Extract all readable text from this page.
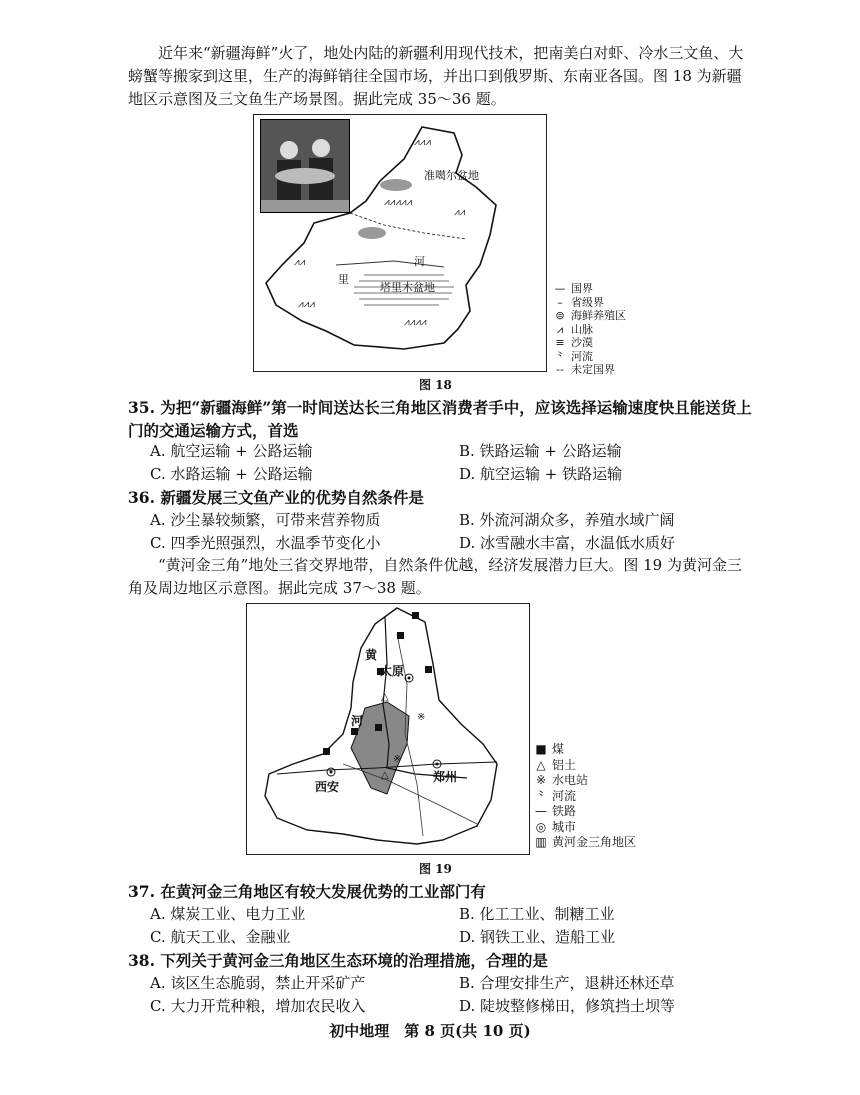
近年来“新疆海鲜”火了，地处内陆的新疆利用现代技术，把南美白对虾、冷水三文鱼、大螃蟹等搬家到这里，生产的海鲜销往全国市场，并出口到俄罗斯、东南亚各国。图 18 为新疆地区示意图及三文鱼生产场景图。据此完成 35～36 题。
⩘⩘⩘
⩘⩘⩘⩘⩘
⩘⩘
⩘⩘
⩘⩘⩘
⩘⩘⩘⩘
准噶尔盆地
塔里木盆地
河
里
— 国界
– 省级界
⊜ 海鲜养殖区
⩘ 山脉
≡ 沙漠
⺀ 河流
-- 未定国界
图 18
35. 为把“新疆海鲜”第一时间送达长三角地区消费者手中，应该选择运输速度快且能送货上门的交通运输方式，首选
A. 航空运输 + 公路运输	B. 铁路运输 + 公路运输
C. 水路运输 + 公路运输	D. 航空运输 + 铁路运输
36. 新疆发展三文鱼产业的优势自然条件是
A. 沙尘暴较频繁，可带来营养物质	B. 外流河湖众多，养殖水域广阔
C. 四季光照强烈，水温季节变化小	D. 冰雪融水丰富，水温低水质好
“黄河金三角”地处三省交界地带，自然条件优越，经济发展潜力巨大。图 19 为黄河金三角及周边地区示意图。据此完成 37～38 题。
△
△
※
※
太原
西安
郑州
黄
河
■ 煤
△ 铝土
※ 水电站
⺀ 河流
— 铁路
◎ 城市
▥ 黄河金三角地区
图 19
37. 在黄河金三角地区有较大发展优势的工业部门有
A. 煤炭工业、电力工业	B. 化工工业、制糖工业
C. 航天工业、金融业	D. 钢铁工业、造船工业
38. 下列关于黄河金三角地区生态环境的治理措施，合理的是
A. 该区生态脆弱，禁止开采矿产	B. 合理安排生产，退耕还林还草
C. 大力开荒种粮，增加农民收入	D. 陡坡整修梯田，修筑挡土坝等
初中地理　第 8 页(共 10 页)
